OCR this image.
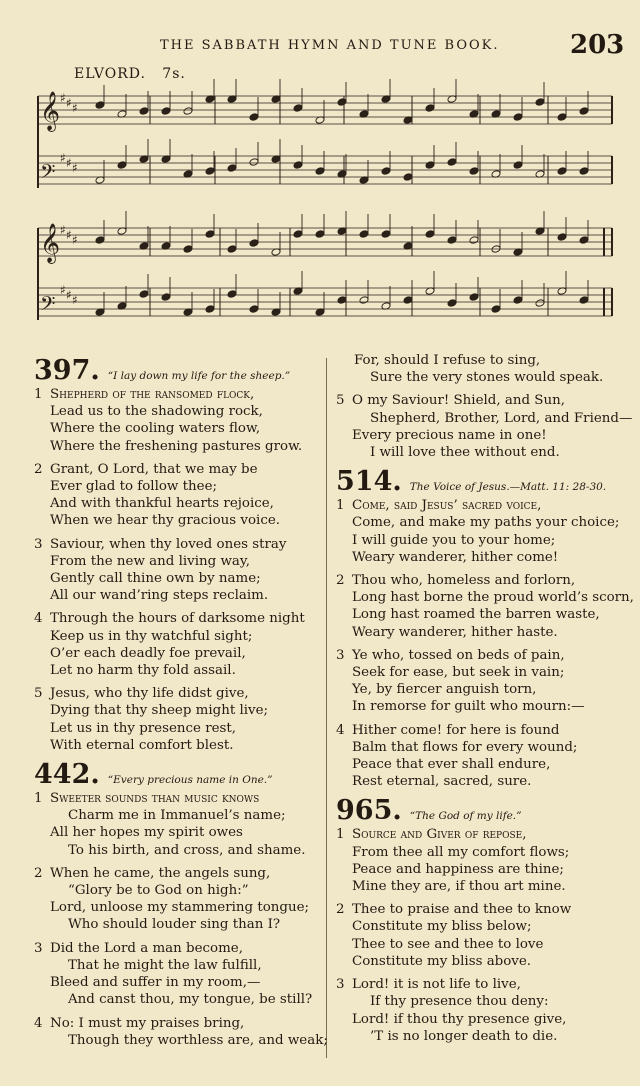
THE SABBATH HYMN AND TUNE BOOK.	203
ELVORD. 7s.
𝄞 ♯ ♯ ♯
𝄢
♯ ♯ ♯
𝄞 ♯ ♯ ♯
𝄢
♯ ♯ ♯
397. “I lay down my life for the sheep.”
1 Shepherd of the ransomed flock,
Lead us to the shadowing rock,
Where the cooling waters flow,
Where the freshening pastures grow.
2 Grant, O Lord, that we may be
Ever glad to follow thee;
And with thankful hearts rejoice,
When we hear thy gracious voice.
3 Saviour, when thy loved ones stray
From the new and living way,
Gently call thine own by name;
All our wand’ring steps reclaim.
4 Through the hours of darksome night
Keep us in thy watchful sight;
O’er each deadly foe prevail,
Let no harm thy fold assail.
5 Jesus, who thy life didst give,
Dying that thy sheep might live;
Let us in thy presence rest,
With eternal comfort blest.
442. “Every precious name in One.”
1 Sweeter sounds than music knows
Charm me in Immanuel’s name;
All her hopes my spirit owes
To his birth, and cross, and shame.
2 When he came, the angels sung,
“Glory be to God on high:”
Lord, unloose my stammering tongue;
Who should louder sing than I?
3 Did the Lord a man become,
That he might the law fulfill,
Bleed and suffer in my room,—
And canst thou, my tongue, be still?
4 No: I must my praises bring,
Though they worthless are, and weak;
For, should I refuse to sing,
Sure the very stones would speak.
5 O my Saviour! Shield, and Sun,
Shepherd, Brother, Lord, and Friend—
Every precious name in one!
I will love thee without end.
514. The Voice of Jesus. —Matt. 11: 28-30.
1 Come, said Jesus’ sacred voice,
Come, and make my paths your choice;
I will guide you to your home;
Weary wanderer, hither come!
2 Thou who, homeless and forlorn,
Long hast borne the proud world’s scorn,
Long hast roamed the barren waste,
Weary wanderer, hither haste.
3 Ye who, tossed on beds of pain,
Seek for ease, but seek in vain;
Ye, by fiercer anguish torn,
In remorse for guilt who mourn:—
4 Hither come! for here is found
Balm that flows for every wound;
Peace that ever shall endure,
Rest eternal, sacred, sure.
965. “The God of my life.”
1 Source and Giver of repose,
From thee all my comfort flows;
Peace and happiness are thine;
Mine they are, if thou art mine.
2 Thee to praise and thee to know
Constitute my bliss below;
Thee to see and thee to love
Constitute my bliss above.
3 Lord! it is not life to live,
If thy presence thou deny:
Lord! if thou thy presence give,
’T is no longer death to die.
